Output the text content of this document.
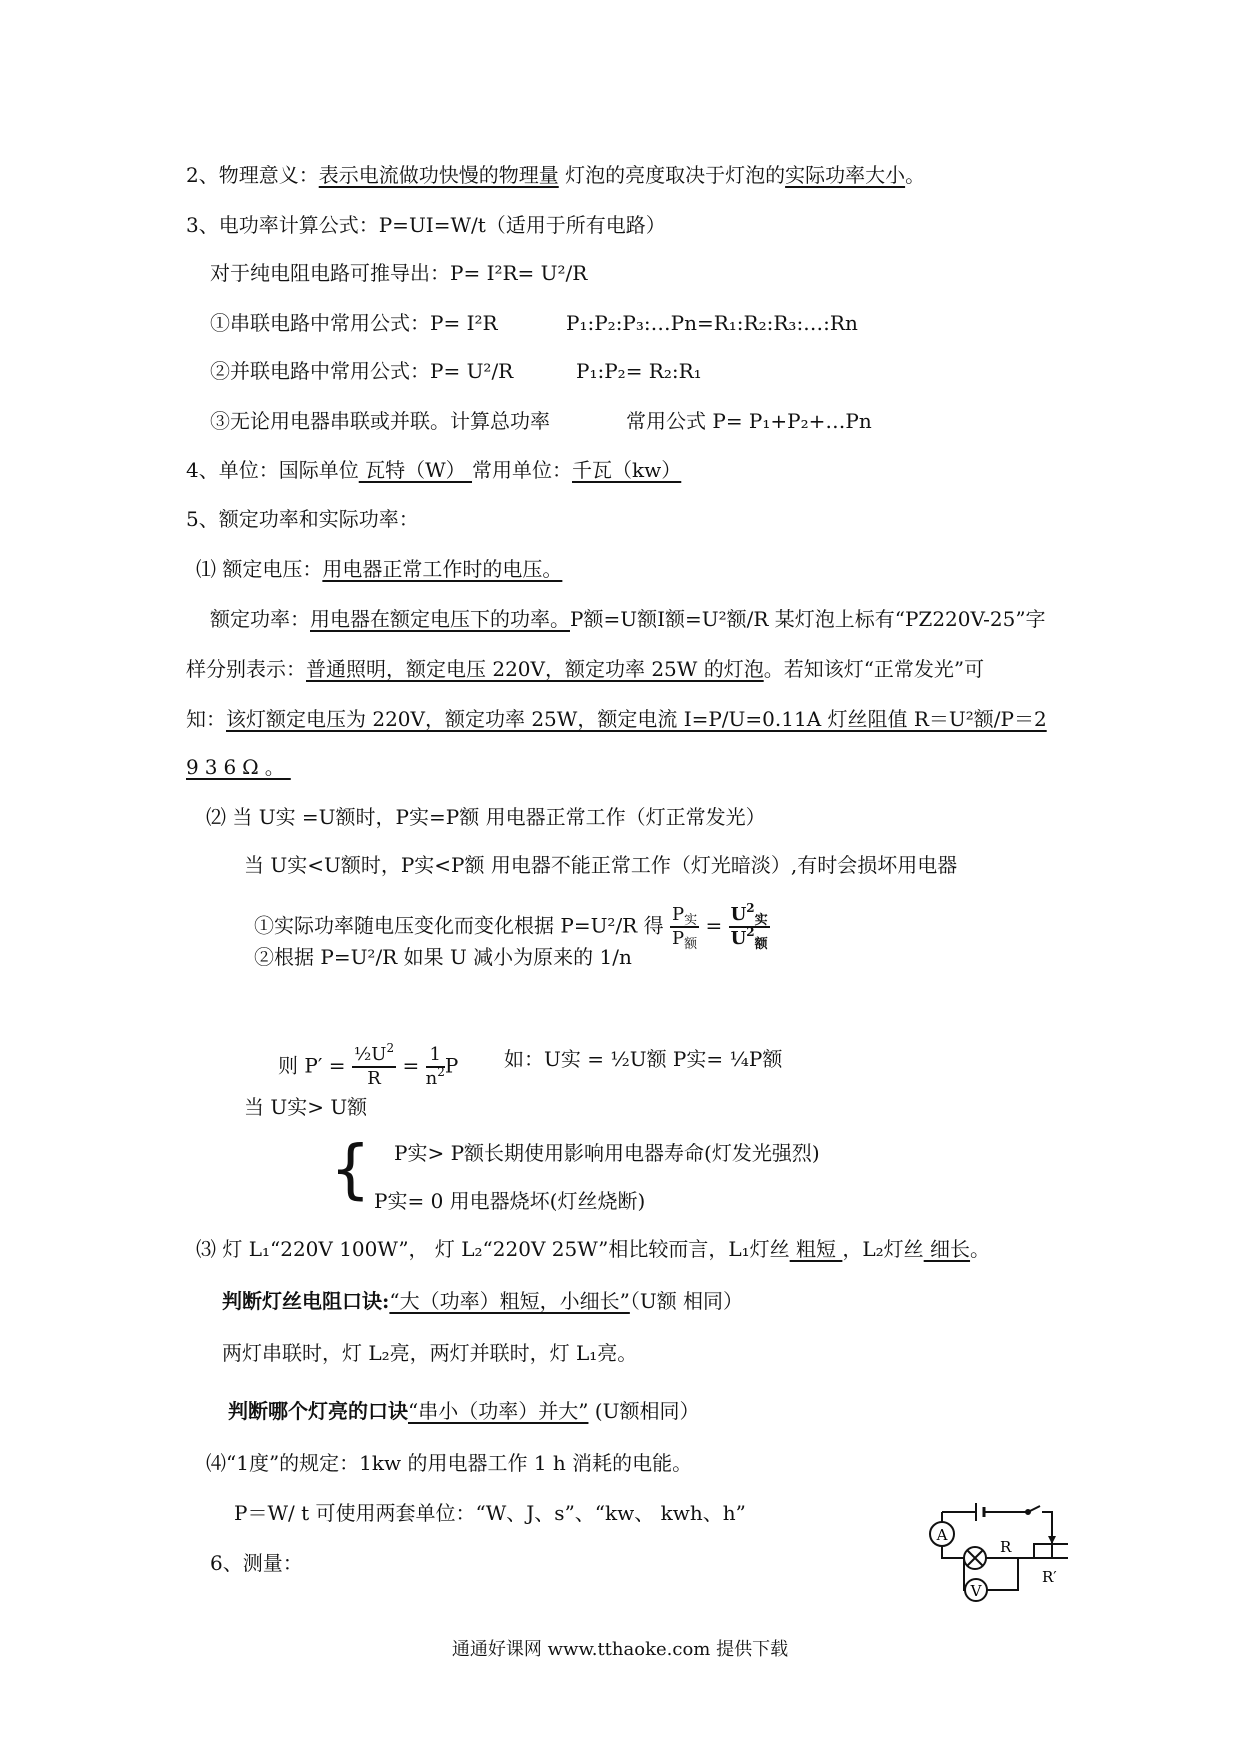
2、物理意义：表示电流做功快慢的物理量 灯泡的亮度取决于灯泡的实际功率大小。
3、电功率计算公式：P=UI=W/t（适用于所有电路）
对于纯电阻电路可推导出：P= I²R= U²/R
①串联电路中常用公式：P= I²R	P₁:P₂:P₃:…Pn=R₁:R₂:R₃:…:Rn
②并联电路中常用公式：P= U²/R	P₁:P₂= R₂:R₁
③无论用电器串联或并联。计算总功率	常用公式 P= P₁+P₂+…Pn
4、单位：国际单位 瓦特（W） 常用单位：千瓦（kw）
5、额定功率和实际功率：
⑴ 额定电压：用电器正常工作时的电压。
额定功率：用电器在额定电压下的功率。P额=U额I额=U²额/R 某灯泡上标有“PZ220V-25”字
样分别表示：普通照明，额定电压 220V，额定功率 25W 的灯泡。若知该灯“正常发光”可
知：该灯额定电压为 220V，额定功率 25W，额定电流 I=P/U=0.11A 灯丝阻值 R＝U²额/P＝2
936Ω。
⑵ 当 U实 =U额时，P实=P额 用电器正常工作（灯正常发光）
当 U实<U额时，P实<P额 用电器不能正常工作（灯光暗淡）,有时会损坏用电器
①实际功率随电压变化而变化根据 P=U²/R 得 $\frac{P_实}{P_额} = \frac{U^2_实}{U^2_额}$
②根据 P=U²/R 如果 U 减小为原来的 1/n
则 $P' = \frac{\frac{1}{2}U^2}{R} = \frac{1}{n^2}$ P 如：U实 = ½U额 P实= ¼P额
当 U实> U额
{ P实> P额长期使用影响用电器寿命(灯发光强烈)
P实= 0 用电器烧坏(灯丝烧断)
⑶ 灯 L₁“220V 100W”， 灯 L₂“220V 25W”相比较而言，L₁灯丝 粗短 ，L₂灯丝 细长。
判断灯丝电阻口诀:“大（功率）粗短，小细长”（U额 相同）
两灯串联时，灯 L₂亮，两灯并联时，灯 L₁亮。
判断哪个灯亮的口诀“串小（功率）并大” (U额相同）
⑷“1度”的规定：1kw 的用电器工作 1 h 消耗的电能。
P＝W/ t 可使用两套单位：“W、J、s”、“kw、 kwh、h”
6、测量：
A
V
R
R′
通通好课网 www.tthaoke.com 提供下载
